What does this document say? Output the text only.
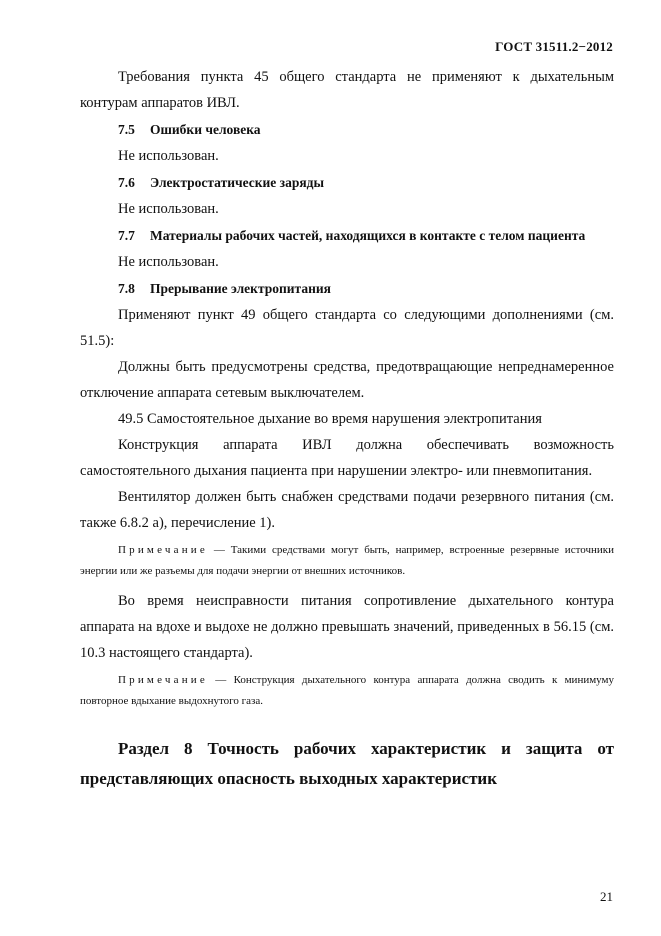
ГОСТ 31511.2−2012

Требования пункта 45 общего стандарта не применяют к дыхательным контурам аппаратов ИВЛ.

7.5 Ошибки человека

Не использован.

7.6 Электростатические заряды

Не использован.

7.7 Материалы рабочих частей, находящихся в контакте с телом пациента

Не использован.

7.8 Прерывание электропитания

Применяют пункт 49 общего стандарта со следующими дополнениями (см. 51.5):

Должны быть предусмотрены средства, предотвращающие непреднамеренное отключение аппарата сетевым выключателем.

49.5 Самостоятельное дыхание во время нарушения электропитания

Конструкция аппарата ИВЛ должна обеспечивать возможность самостоятельного дыхания пациента при нарушении электро- или пневмопитания.

Вентилятор должен быть снабжен средствами подачи резервного питания (см. также 6.8.2 а), перечисление 1).

Примечание — Такими средствами могут быть, например, встроенные резервные источники энергии или же разъемы для подачи энергии от внешних источников.

Во время неисправности питания сопротивление дыхательного контура аппарата на вдохе и выдохе не должно превышать значений, приведенных в 56.15 (см. 10.3 настоящего стандарта).

Примечание — Конструкция дыхательного контура аппарата должна сводить к минимуму повторное вдыхание выдохнутого газа.

Раздел 8 Точность рабочих характеристик и защита от представляющих опасность выходных характеристик

21
